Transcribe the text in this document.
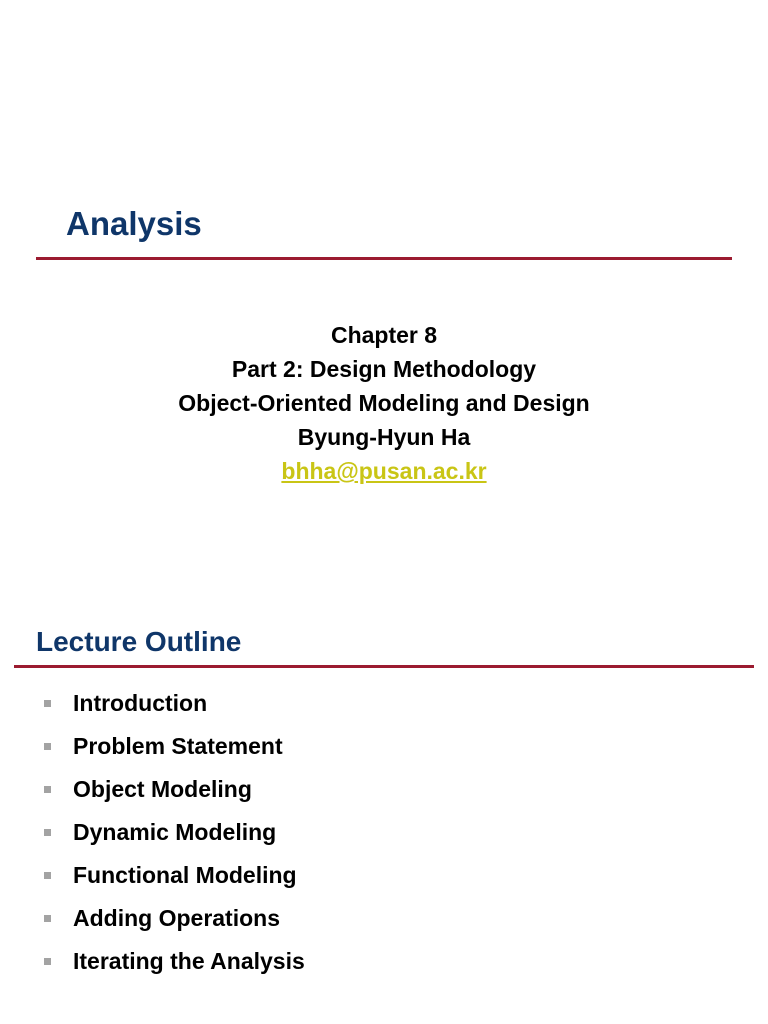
Analysis
Chapter 8
Part 2: Design Methodology
Object-Oriented Modeling and Design
Byung-Hyun Ha
bhha@pusan.ac.kr
Lecture Outline
Introduction
Problem Statement
Object Modeling
Dynamic Modeling
Functional Modeling
Adding Operations
Iterating the Analysis
